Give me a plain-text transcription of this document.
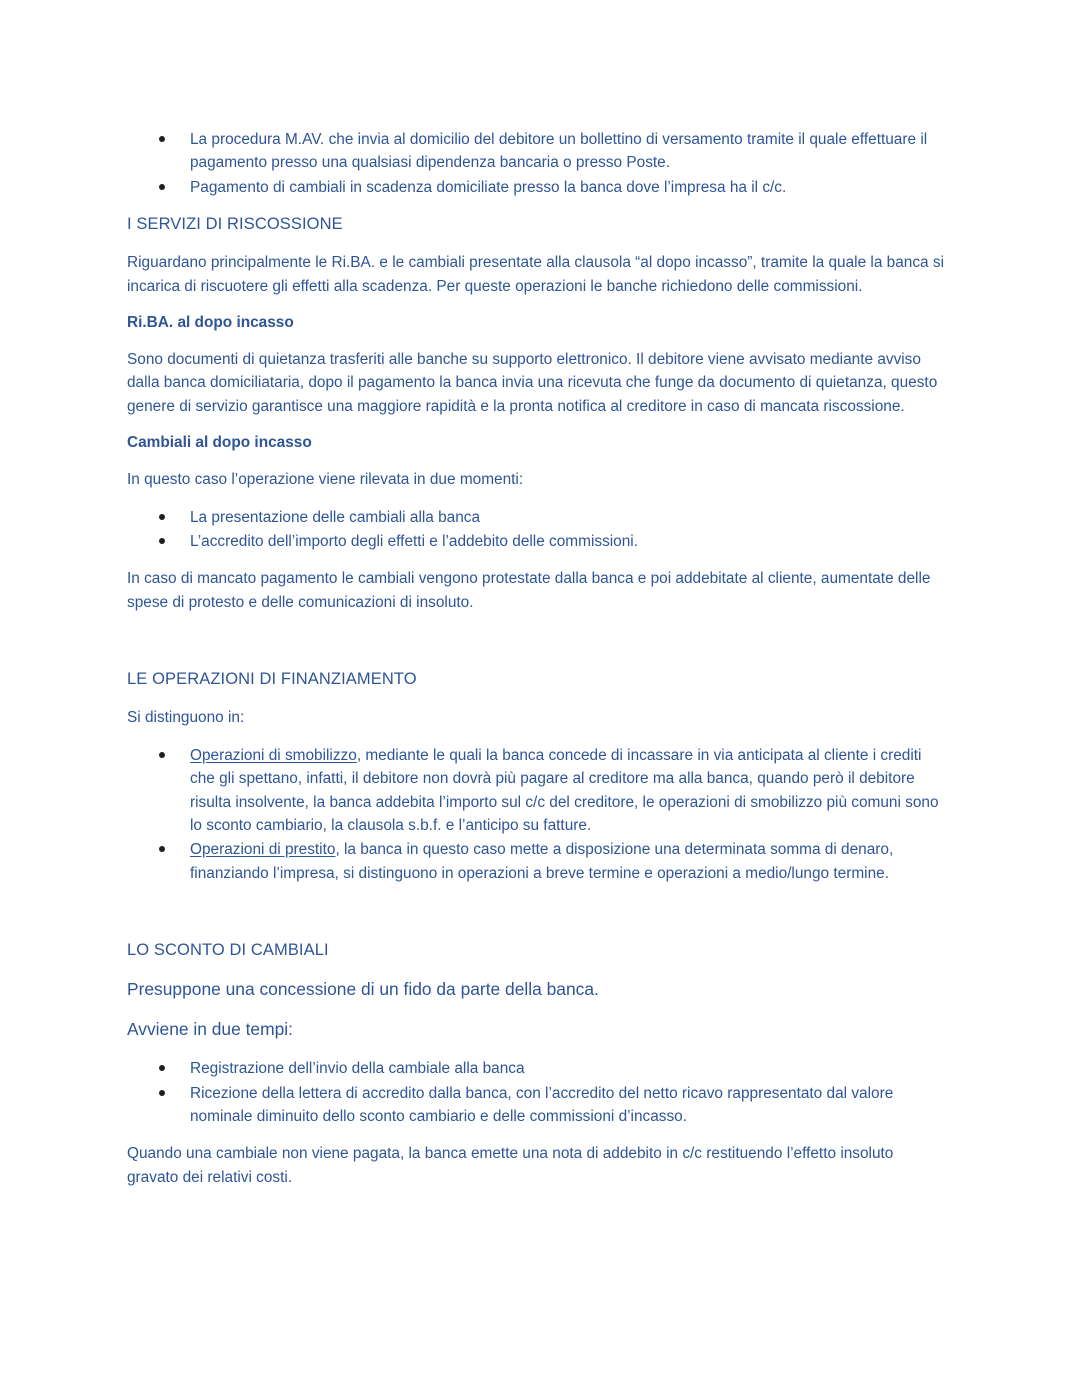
La procedura M.AV. che invia al domicilio del debitore un bollettino di versamento tramite il quale effettuare il pagamento presso una qualsiasi dipendenza bancaria o presso Poste.
Pagamento di cambiali in scadenza domiciliate presso la banca dove l’impresa ha il c/c.
I SERVIZI DI RISCOSSIONE

Riguardano principalmente le Ri.BA. e le cambiali presentate alla clausola “al dopo incasso”, tramite la quale la banca si incarica di riscuotere gli effetti alla scadenza. Per queste operazioni le banche richiedono delle commissioni.

Ri.BA. al dopo incasso

Sono documenti di quietanza trasferiti alle banche su supporto elettronico. Il debitore viene avvisato mediante avviso dalla banca domiciliataria, dopo il pagamento la banca invia una ricevuta che funge da documento di quietanza, questo genere di servizio garantisce una maggiore rapidità e la pronta notifica al creditore in caso di mancata riscossione.

Cambiali al dopo incasso

In questo caso l’operazione viene rilevata in due momenti:

La presentazione delle cambiali alla banca
L’accredito dell’importo degli effetti e l’addebito delle commissioni.

In caso di mancato pagamento le cambiali vengono protestate dalla banca e poi addebitate al cliente, aumentate delle spese di protesto e delle comunicazioni di insoluto.

LE OPERAZIONI DI FINANZIAMENTO

Si distinguono in:

Operazioni di smobilizzo, mediante le quali la banca concede di incassare in via anticipata al cliente i crediti che gli spettano, infatti, il debitore non dovrà più pagare al creditore ma alla banca, quando però il debitore risulta insolvente, la banca addebita l’importo sul c/c del creditore, le operazioni di smobilizzo più comuni sono lo sconto cambiario, la clausola s.b.f. e l’anticipo su fatture.
Operazioni di prestito, la banca in questo caso mette a disposizione una determinata somma di denaro, finanziando l’impresa, si distinguono in operazioni a breve termine e operazioni a medio/lungo termine.
LO SCONTO DI CAMBIALI

Presuppone una concessione di un fido da parte della banca.

Avviene in due tempi:

Registrazione dell’invio della cambiale alla banca
Ricezione della lettera di accredito dalla banca, con l’accredito del netto ricavo rappresentato dal valore nominale diminuito dello sconto cambiario e delle commissioni d’incasso.

Quando una cambiale non viene pagata, la banca emette una nota di addebito in c/c restituendo l’effetto insoluto gravato dei relativi costi.
